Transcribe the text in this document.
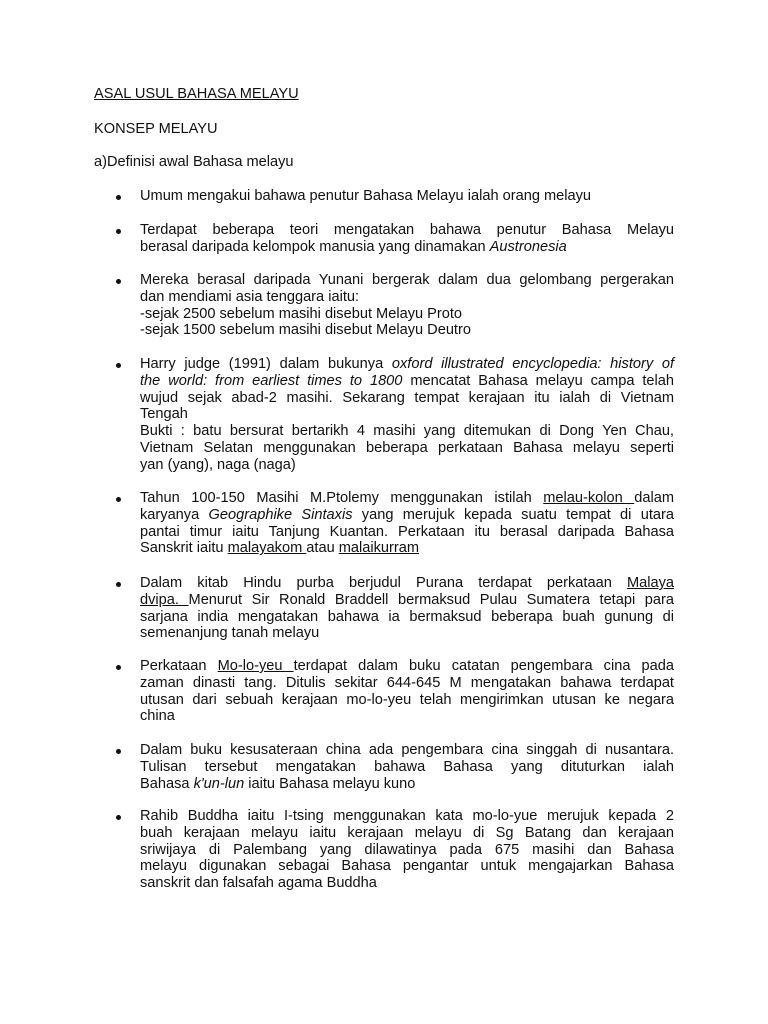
ASAL USUL BAHASA MELAYU
KONSEP MELAYU
a)Definisi awal Bahasa melayu
Umum mengakui bahawa penutur Bahasa Melayu ialah orang melayu
Terdapat beberapa teori mengatakan bahawa penutur Bahasa Melayu
berasal daripada kelompok manusia yang dinamakan Austronesia
Mereka berasal daripada Yunani bergerak dalam dua gelombang pergerakan
dan mendiami asia tenggara iaitu:
-sejak 2500 sebelum masihi disebut Melayu Proto
-sejak 1500 sebelum masihi disebut Melayu Deutro
Harry judge (1991) dalam bukunya oxford illustrated encyclopedia: history of
the world: from earliest times to 1800 mencatat Bahasa melayu campa telah
wujud sejak abad-2 masihi. Sekarang tempat kerajaan itu ialah di Vietnam
Tengah
Bukti : batu bersurat bertarikh 4 masihi yang ditemukan di Dong Yen Chau,
Vietnam Selatan menggunakan beberapa perkataan Bahasa melayu seperti
yan (yang), naga (naga)
Tahun 100-150 Masihi M.Ptolemy menggunakan istilah melau-kolon dalam
karyanya Geographike Sintaxis yang merujuk kepada suatu tempat di utara
pantai timur iaitu Tanjung Kuantan. Perkataan itu berasal daripada Bahasa
Sanskrit iaitu malayakom atau malaikurram
Dalam kitab Hindu purba berjudul Purana terdapat perkataan Malaya
dvipa. Menurut Sir Ronald Braddell bermaksud Pulau Sumatera tetapi para
sarjana india mengatakan bahawa ia bermaksud beberapa buah gunung di
semenanjung tanah melayu
Perkataan Mo-lo-yeu terdapat dalam buku catatan pengembara cina pada
zaman dinasti tang. Ditulis sekitar 644-645 M mengatakan bahawa terdapat
utusan dari sebuah kerajaan mo-lo-yeu telah mengirimkan utusan ke negara
china
Dalam buku kesusateraan china ada pengembara cina singgah di nusantara.
Tulisan tersebut mengatakan bahawa Bahasa yang dituturkan ialah
Bahasa k'un-lun iaitu Bahasa melayu kuno
Rahib Buddha iaitu I-tsing menggunakan kata mo-lo-yue merujuk kepada 2
buah kerajaan melayu iaitu kerajaan melayu di Sg Batang dan kerajaan
sriwijaya di Palembang yang dilawatinya pada 675 masihi dan Bahasa
melayu digunakan sebagai Bahasa pengantar untuk mengajarkan Bahasa
sanskrit dan falsafah agama Buddha
